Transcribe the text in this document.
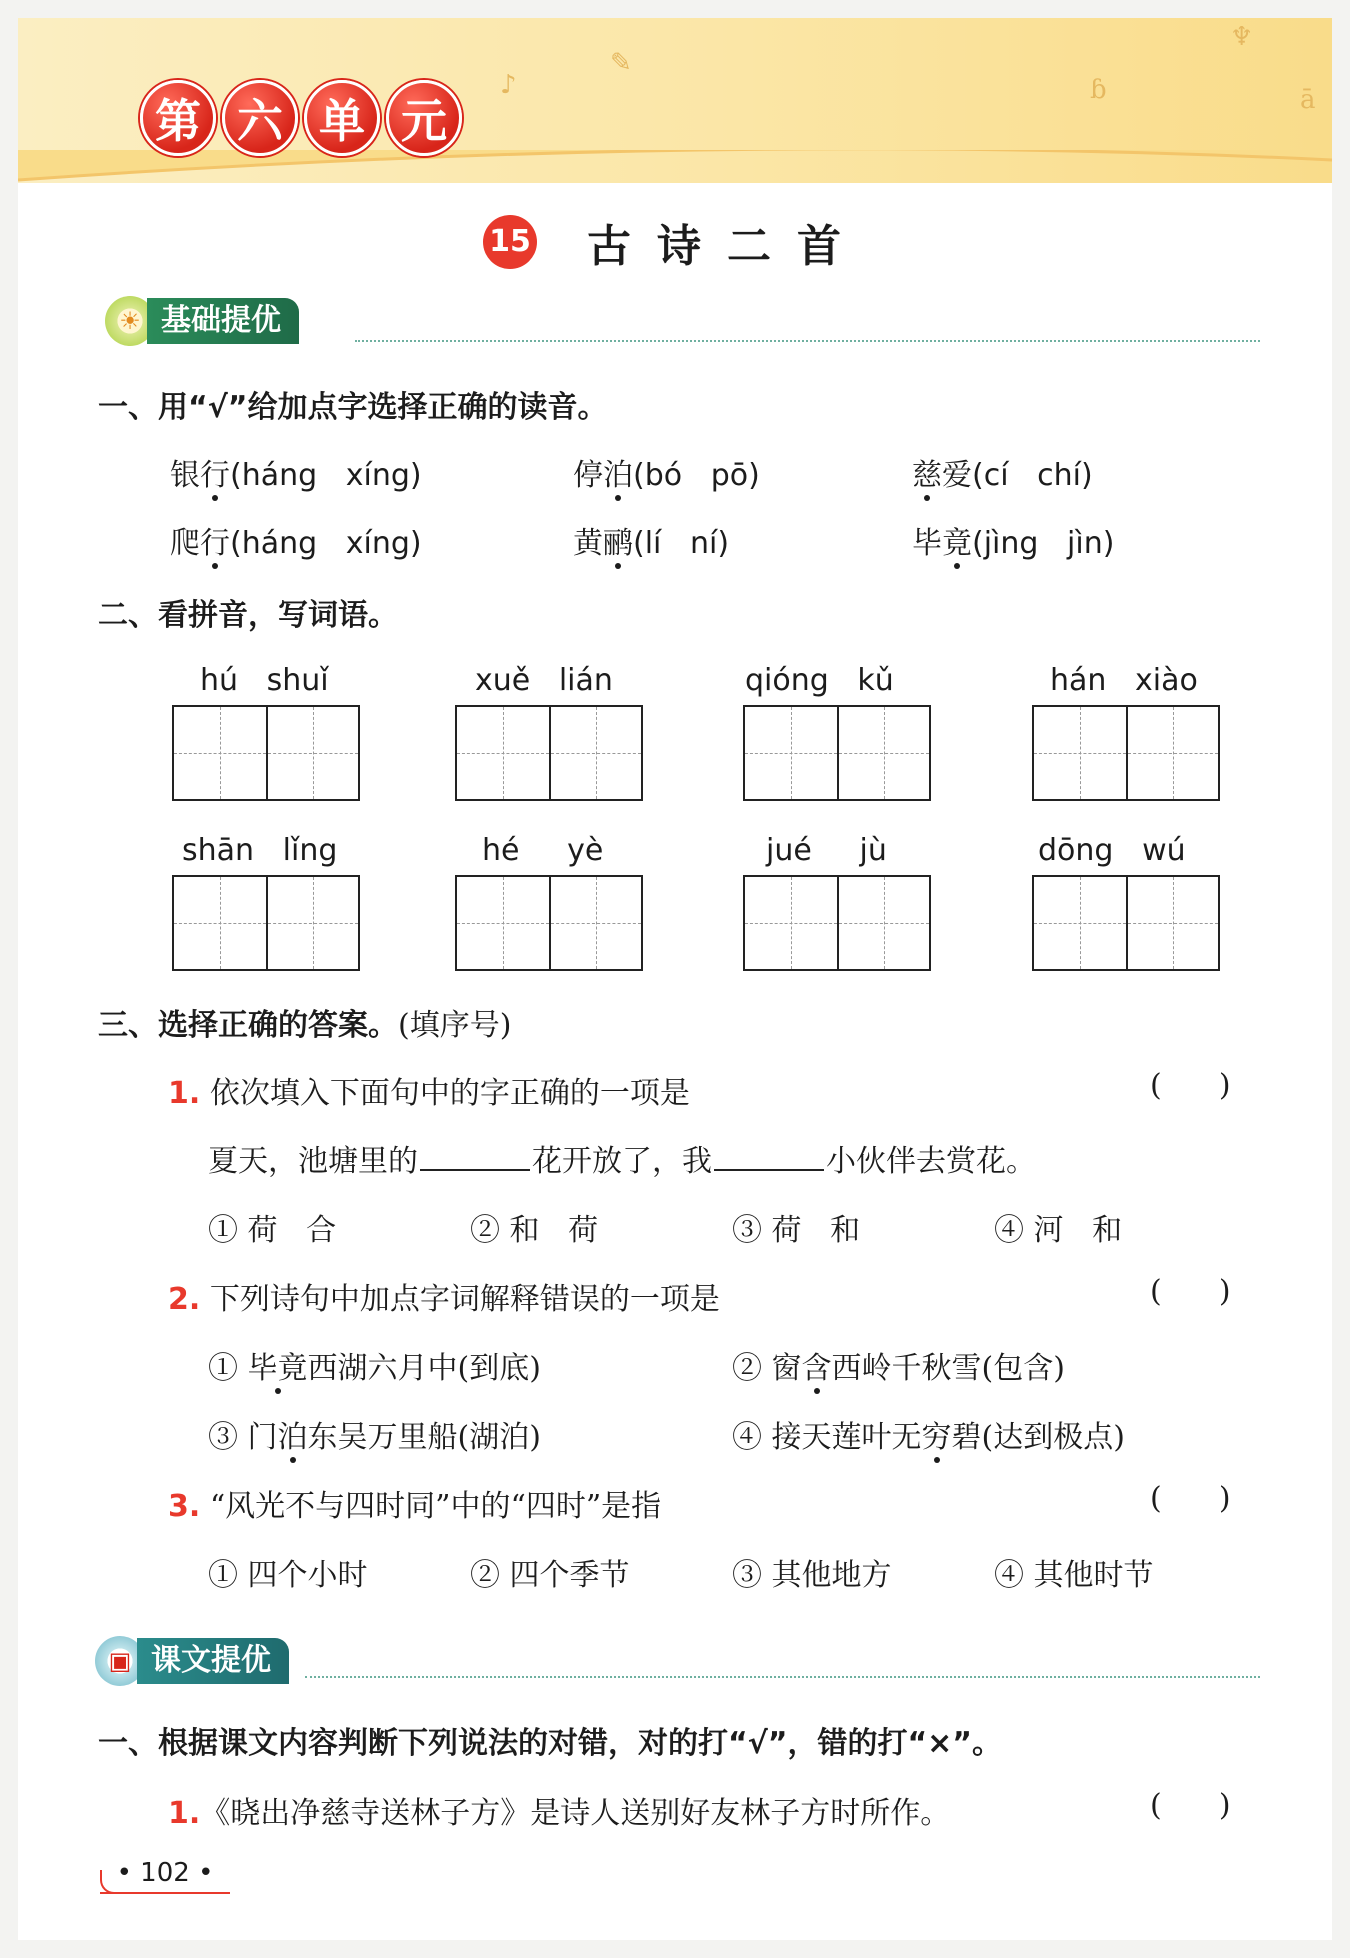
♪
✎
ɓ	ā
♆
第 六 单 元
15 古诗二首
☀ 基础提优
一、用“√”给加点字选择正确的读音。
银行(háng   xíng)	停泊(bó   pō)	慈爱(cí   chí)
爬行(háng   xíng)	黄鹂(lí   ní)	毕竟(jìng   jìn)
二、看拼音，写词语。
hú   shuǐ	xuě   lián	qióng   kǔ	hán   xiào
shān   lǐng	hé     yè	jué     jù	dōng   wú
三、选择正确的答案。(填序号)
1. 依次填入下面句中的字正确的一项是	(      )
夏天，池塘里的	花开放了，我	小伙伴去赏花。
① 荷   合	② 和   荷	③ 荷   和	④ 河   和
2. 下列诗句中加点字词解释错误的一项是	(      )
① 毕竟西湖六月中(到底)	② 窗含西岭千秋雪(包含)
③ 门泊东吴万里船(湖泊)	④ 接天莲叶无穷碧(达到极点)
3. “风光不与四时同”中的“四时”是指	(      )
① 四个小时	② 四个季节	③ 其他地方	④ 其他时节
▣ 课文提优
一、根据课文内容判断下列说法的对错，对的打“√”，错的打“×”。
1.《晓出净慈寺送林子方》是诗人送别好友林子方时所作。	(      )
• 102 •
